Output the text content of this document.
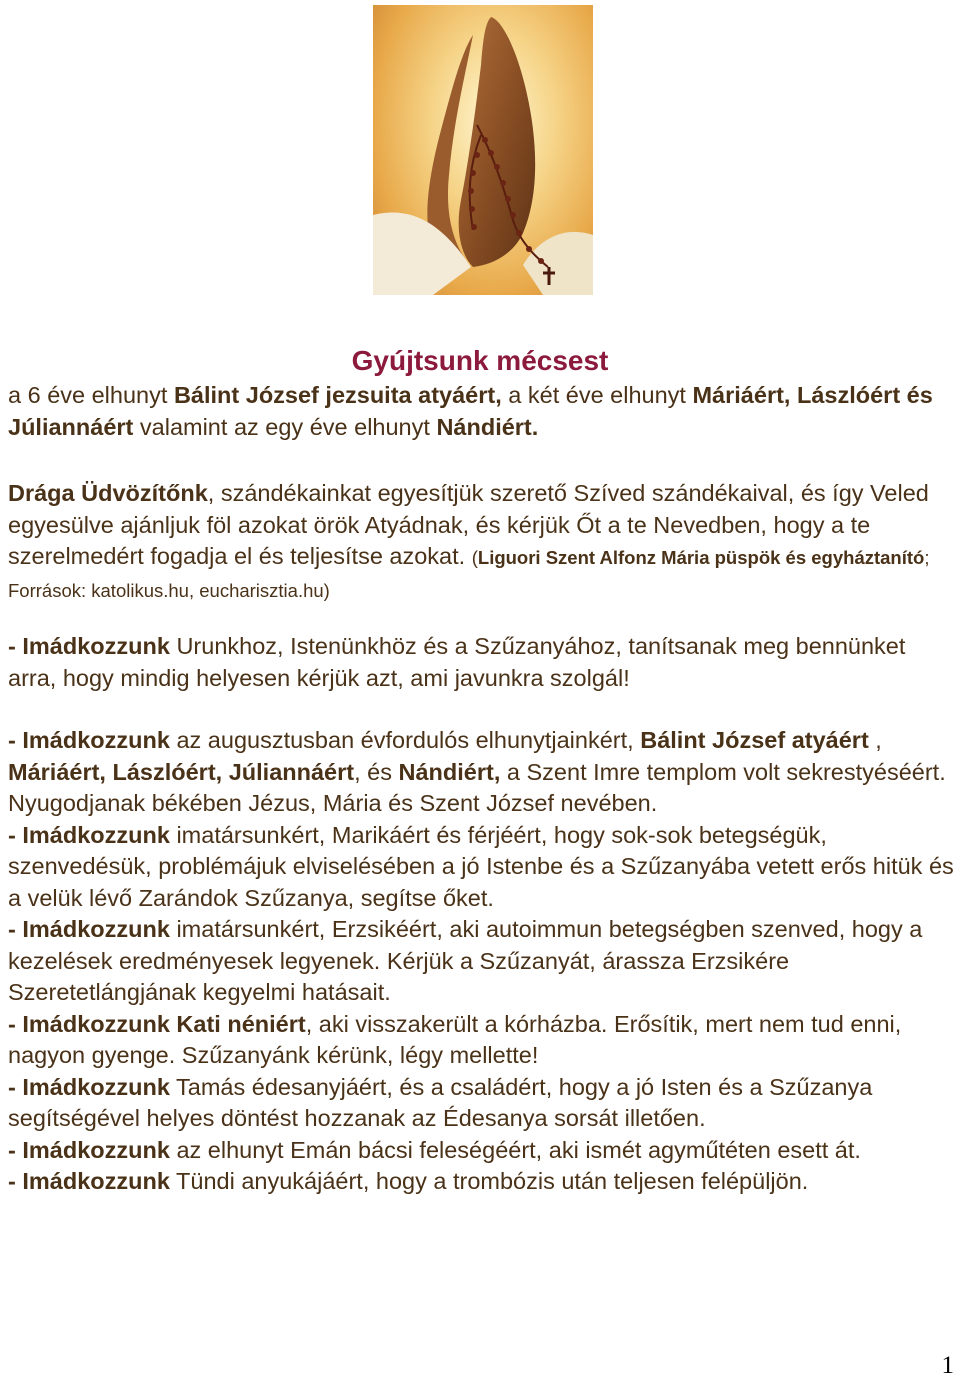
Gyújtsunk mécsest

a 6 éve elhunyt Bálint József jezsuita atyáért, a két éve elhunyt Máriáért, Lászlóért és Júliannáért valamint az egy éve elhunyt Nándiért.

Drága Üdvözítőnk, szándékainkat egyesítjük szerető Szíved szándékaival, és így Veled egyesülve ajánljuk föl azokat örök Atyádnak, és kérjük Őt a te Nevedben, hogy a te szerelmedért fogadja el és teljesítse azokat. (Liguori Szent Alfonz Mária püspök és egyháztanító; Források: katolikus.hu, eucharisztia.hu)

- Imádkozzunk Urunkhoz, Istenünkhöz és a Szűzanyához, tanítsanak meg bennünket arra, hogy mindig helyesen kérjük azt, ami javunkra szolgál!

- Imádkozzunk az augusztusban évfordulós elhunytjainkért, Bálint József atyáért , Máriáért, Lászlóért, Júliannáért, és Nándiért, a Szent Imre templom volt sekrestyéséért. Nyugodjanak békében Jézus, Mária és Szent József nevében.

- Imádkozzunk imatársunkért, Marikáért és férjéért, hogy sok-sok betegségük, szenvedésük, problémájuk elviselésében a jó Istenbe és a Szűzanyába vetett erős hitük és a velük lévő Zarándok Szűzanya, segítse őket.

- Imádkozzunk imatársunkért, Erzsikéért, aki autoimmun betegségben szenved, hogy a kezelések eredményesek legyenek. Kérjük a Szűzanyát, árassza Erzsikére Szeretetlángjának kegyelmi hatásait.

- Imádkozzunk Kati néniért, aki visszakerült a kórházba. Erősítik, mert nem tud enni, nagyon gyenge. Szűzanyánk kérünk, légy mellette!

- Imádkozzunk Tamás édesanyjáért, és a családért, hogy a jó Isten és a Szűzanya segítségével helyes döntést hozzanak az Édesanya sorsát illetően.

- Imádkozzunk az elhunyt Emán bácsi feleségéért, aki ismét agyműtéten esett át.

- Imádkozzunk Tündi anyukájáért, hogy a trombózis után teljesen felépüljön.

1
